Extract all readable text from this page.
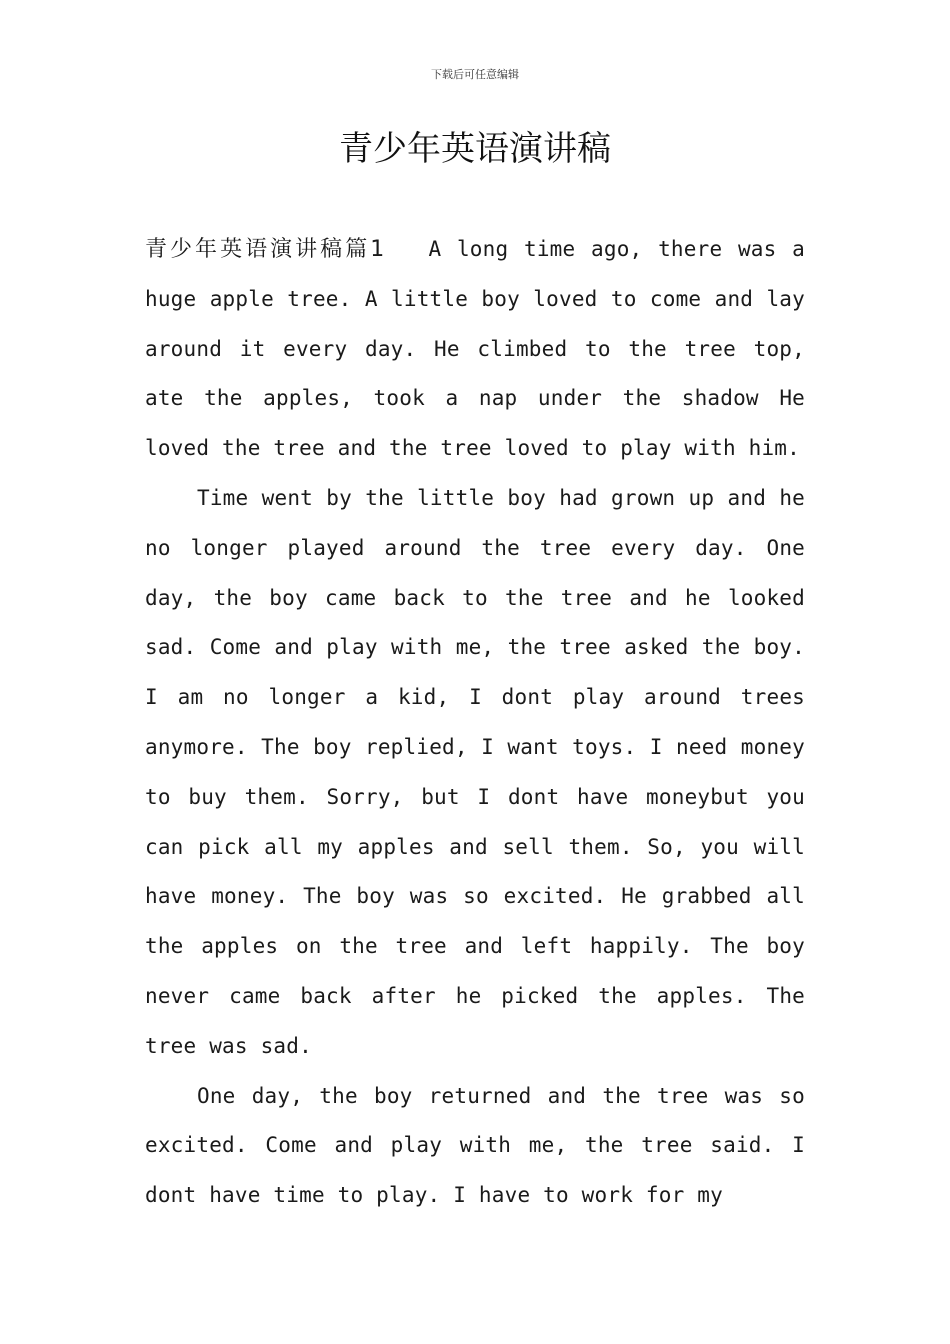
下载后可任意编辑
青少年英语演讲稿

青少年英语演讲稿篇1 A long time ago, there was a huge apple tree. A little boy loved to come and lay around it every day. He climbed to the tree top, ate the apples, took a nap under the shadow He loved the tree and the tree loved to play with him.

Time went by the little boy had grown up and he no longer played around the tree every day. One day, the boy came back to the tree and he looked sad. Come and play with me, the tree asked the boy. I am no longer a kid, I dont play around trees anymore. The boy replied, I want toys. I need money to buy them. Sorry, but I dont have moneybut you can pick all my apples and sell them. So, you will have money. The boy was so excited. He grabbed all the apples on the tree and left happily. The boy never came back after he picked the apples. The tree was sad.

One day, the boy returned and the tree was so excited. Come and play with me, the tree said. I dont have time to play. I have to work for my
